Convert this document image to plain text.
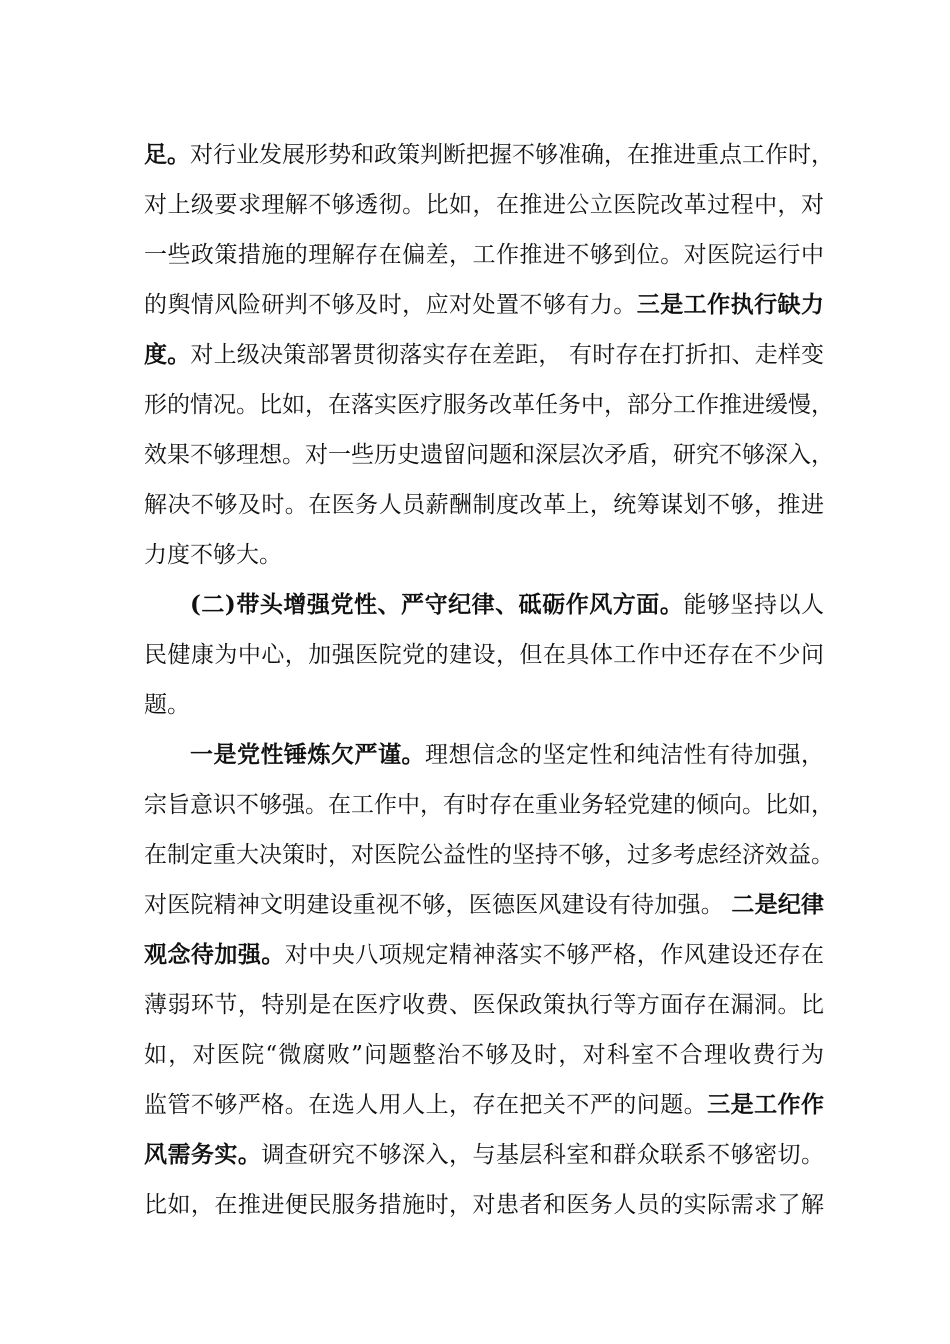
足。对行业发展形势和政策判断把握不够准确，在推进重点工作时，
对上级要求理解不够透彻。比如，在推进公立医院改革过程中，对
一些政策措施的理解存在偏差，工作推进不够到位。对医院运行中
的舆情风险研判不够及时，应对处置不够有力。三是工作执行缺力
度。对上级决策部署贯彻落实存在差距， 有时存在打折扣、走样变
形的情况。比如，在落实医疗服务改革任务中，部分工作推进缓慢，
效果不够理想。对一些历史遗留问题和深层次矛盾，研究不够深入，
解决不够及时。在医务人员薪酬制度改革上，统筹谋划不够，推进
力度不够大。
(二)带头增强党性、严守纪律、砥砺作风方面。能够坚持以人
民健康为中心，加强医院党的建设，但在具体工作中还存在不少问
题。
一是党性锤炼欠严谨。理想信念的坚定性和纯洁性有待加强，
宗旨意识不够强。在工作中，有时存在重业务轻党建的倾向。比如，
在制定重大决策时，对医院公益性的坚持不够，过多考虑经济效益。
对医院精神文明建设重视不够，医德医风建设有待加强。 二是纪律
观念待加强。对中央八项规定精神落实不够严格，作风建设还存在
薄弱环节，特别是在医疗收费、医保政策执行等方面存在漏洞。比
如，对医院“微腐败”问题整治不够及时，对科室不合理收费行为
监管不够严格。在选人用人上，存在把关不严的问题。三是工作作
风需务实。调查研究不够深入，与基层科室和群众联系不够密切。
比如，在推进便民服务措施时，对患者和医务人员的实际需求了解
